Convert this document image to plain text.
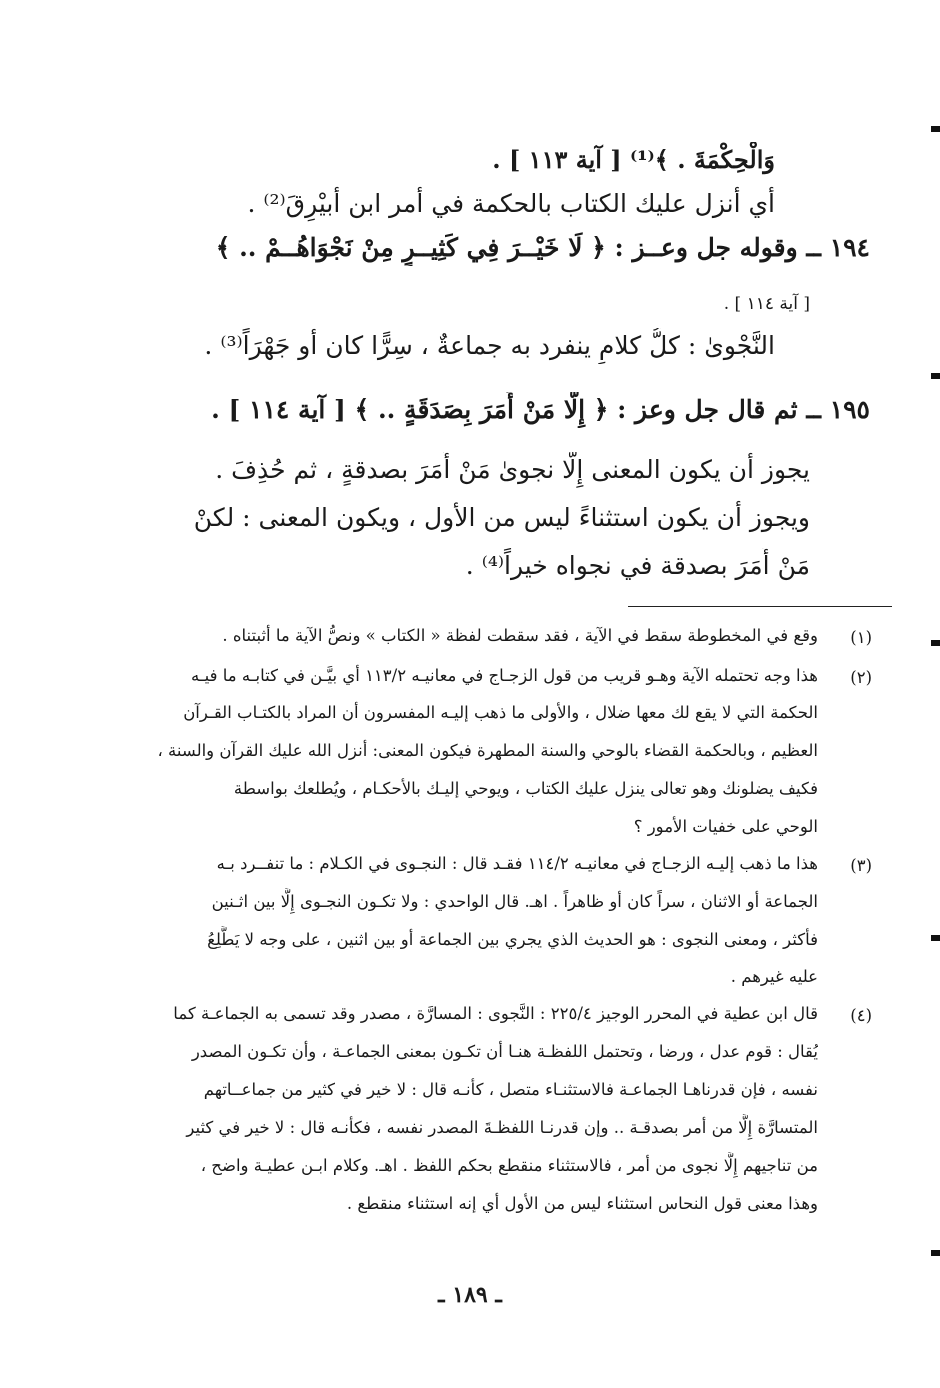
وَالْحِكْمَةَ . ﴾⁽¹⁾ [ آية ١١٣ ] .
أي أنزل عليك الكتاب بالحكمة في أمر ابن أبيْرِقَ⁽²⁾ .
١٩٤ ــ وقوله جل وعــز : ﴿ لَا خَيْــرَ فِي كَثِيــرٍ مِنْ نَجْوَاهُــمْ .. ﴾
[ آية ١١٤ ] .
النَّجْوىٰ : كلُّ كلامٍ ينفرد به جماعةٌ ، سِرًّا كان أو جَهْرَاً⁽³⁾ .
١٩٥ ــ ثم قال جل وعز : ﴿ إِلَّا مَنْ أَمَرَ بِصَدَقَةٍ .. ﴾ [ آية ١١٤ ] .
يجوز أن يكون المعنى إِلَّا نجوىٰ مَنْ أَمَرَ بصدقةٍ ، ثم حُذِفَ .
ويجوز أن يكون استثناءً ليس من الأول ، ويكون المعنى : لكنْ
مَنْ أَمَرَ بصدقة في نجواه خيراً⁽⁴⁾ .
(١)
(٢)
(٣)
(٤)
وقع في المخطوطة سقط في الآية ، فقد سقطت لفظة « الكتاب » ونصُّ الآية ما أثبتناه .
هذا وجه تحتمله الآية وهـو قريب من قول الزجـاج في معانيـه ١١٣/٢ أي بيَّـن في كتابـه ما فيـه
الحكمة التي لا يقع لك معها ضلال ، والأولى ما ذهب إليـه المفسرون أن المراد بالكتـاب القـرآن
العظيم ، وبالحكمة القضاء بالوحي والسنة المطهرة فيكون المعنى: أنزل الله عليك القرآن والسنة ،
فكيف يضلونك وهو تعالى ينزل عليك الكتاب ، ويوحي إليـك بالأحكـام ، ويُطلعك بواسطة
الوحي على خفيات الأمور ؟
هذا ما ذهب إليـه الزجـاج في معانيـه ١١٤/٢ فقـد قال : النجـوى في الكـلام : ما تنفــرد بـه
الجماعة أو الاثنان ، سراً كان أو ظاهراً . اهـ. قال الواحدي : ولا تكـون النجـوى إِلَّا بين اثـنين
فأكثر ، ومعنى النجوى : هو الحديث الذي يجري بين الجماعة أو بين اثنين ، على وجه لا يَطَّلِعُ
عليه غيرهم .
قال ابن عطية في المحرر الوجيز ٢٢٥/٤ : النَّجوى : المسارَّة ، مصدر وقد تسمى به الجماعـة كما
يُقال : قوم عدل ، ورضا ، وتحتمل اللفظـة هنـا أن تكـون بمعنى الجماعـة ، وأن تكـون المصدر
نفسه ، فإن قدرناهـا الجماعـة فالاستثنـاء متصل ، كأنـه قال : لا خير في كثير من جماعــاتهم
المتسارَّة إِلَّا من أمر بصدقـة .. وإن قدرنـا اللفظـةَ المصدر نفسه ، فكأنـه قال : لا خير في كثير
من تناجيهم إِلَّا نجوى من أمر ، فالاستثناء منقطع بحكم اللفظ . اهـ. وكلام ابـن عطيـة واضح ،
وهذا معنى قول النحاس استثناء ليس من الأول أي إنه استثناء منقطع .
ـ ١٨٩ ـ
